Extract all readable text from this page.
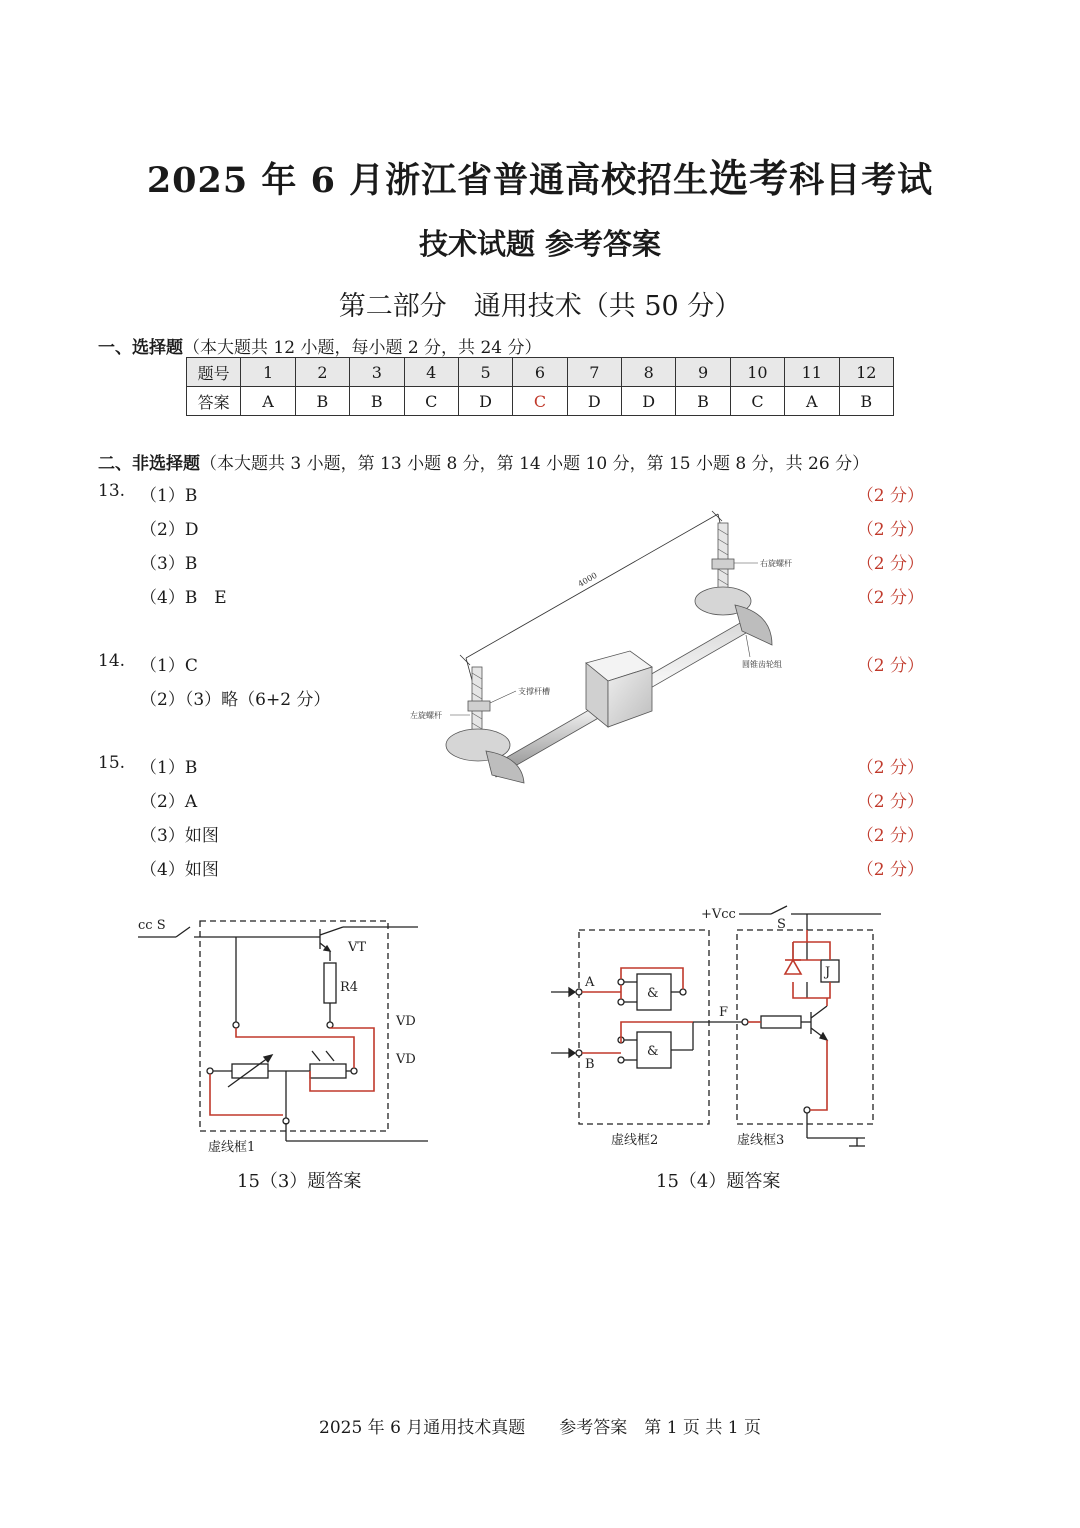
2025 年 6 月浙江省普通高校招生选考科目考试
技术试题 参考答案
第二部分　通用技术（共 50 分）
一、选择题（本大题共 12 小题，每小题 2 分，共 24 分）
题号	1	2	3	4	5	6	7	8	9	10	11	12
答案	A	B	B	C	D	C	D	D	B	C	A	B
二、非选择题（本大题共 3 小题，第 13 小题 8 分，第 14 小题 10 分，第 15 小题 8 分，共 26 分）
13. （1）B	（2 分）
（2）D	（2 分）
（3）B	（2 分）
（4）B　E	（2 分）
14. （1）C	（2 分）
（2）（3）略（6+2 分）
15. （1）B	（2 分）
（2）A	（2 分）
（3）如图	（2 分）
（4）如图	（2 分）
4000
右旋螺杆
圆锥齿轮组
支撑杆槽
左旋螺杆
cc S
VT
R4
VD
VD
虚线框1
15（3）题答案
+Vcc
S
J
A
B
F
&
&
虚线框2	虚线框3
15（4）题答案
2025 年 6 月通用技术真题　　参考答案　第 1 页 共 1 页
